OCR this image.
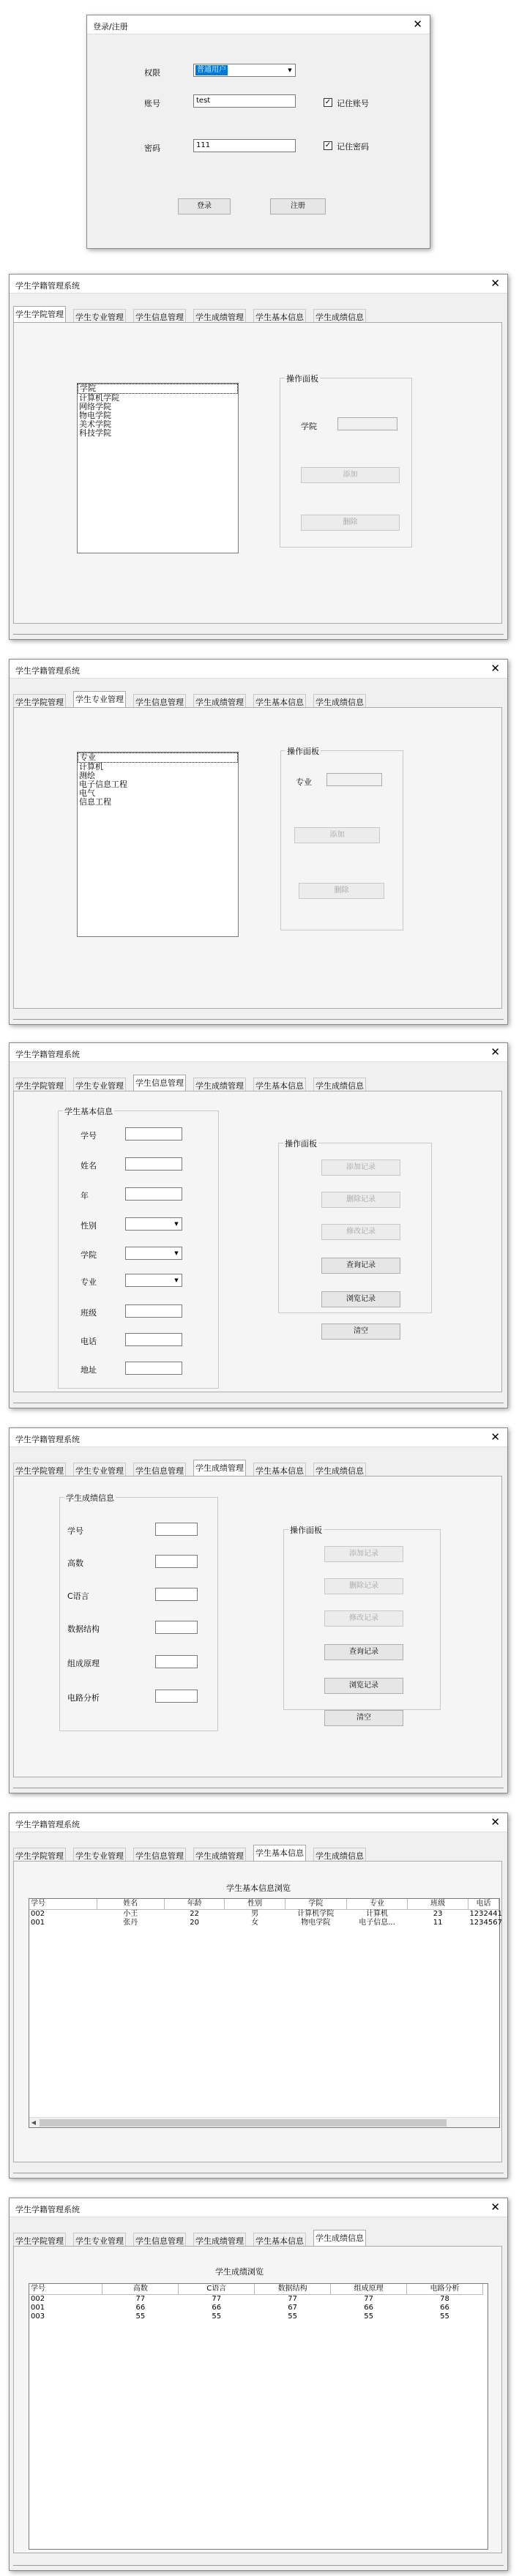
登录/注册	✕
权限	普通用户	▼
账号	test	✓ 记住账号
密码	111	✓ 记住密码
登录	注册
学生学籍管理系统	✕
学生学院管理 学生专业管理 学生信息管理 学生成绩管理 学生基本信息 学生成绩信息
学院
计算机学院
网络学院
物电学院
美术学院
科技学院
操作面板
学院
添加
删除
学生学籍管理系统	✕
学生学院管理 学生专业管理 学生信息管理 学生成绩管理 学生基本信息 学生成绩信息
专业
计算机
测绘
电子信息工程
电气
信息工程
操作面板
专业
添加
删除
学生学籍管理系统	✕
学生学院管理 学生专业管理 学生信息管理 学生成绩管理 学生基本信息 学生成绩信息
学生基本信息
学号
姓名
年
性别	▼
学院	▼
专业	▼
班级
电话
地址
操作面板
添加记录
删除记录
修改记录
查询记录
浏览记录
清空
学生学籍管理系统	✕
学生学院管理 学生专业管理 学生信息管理 学生成绩管理 学生基本信息 学生成绩信息
学生成绩信息
学号
高数
C语言
数据结构
组成原理
电路分析
操作面板
添加记录
删除记录
修改记录
查询记录
浏览记录
清空
学生学籍管理系统	✕
学生学院管理 学生专业管理 学生信息管理 学生成绩管理 学生基本信息 学生成绩信息
学生基本信息浏览
学号	姓名	年龄	性别	学院	专业	班级	电话
002	小王	22	男	计算机学院	计算机	23	1232441
001	张丹	20	女	物电学院	电子信息...	11	1234567
◀
学生学籍管理系统	✕
学生学院管理 学生专业管理 学生信息管理 学生成绩管理 学生基本信息 学生成绩信息
学生成绩浏览
学号	高数	C语言	数据结构	组成原理	电路分析
002	77	77	77	77	78
001	66	66	67	66	66
003	55	55	55	55	55
